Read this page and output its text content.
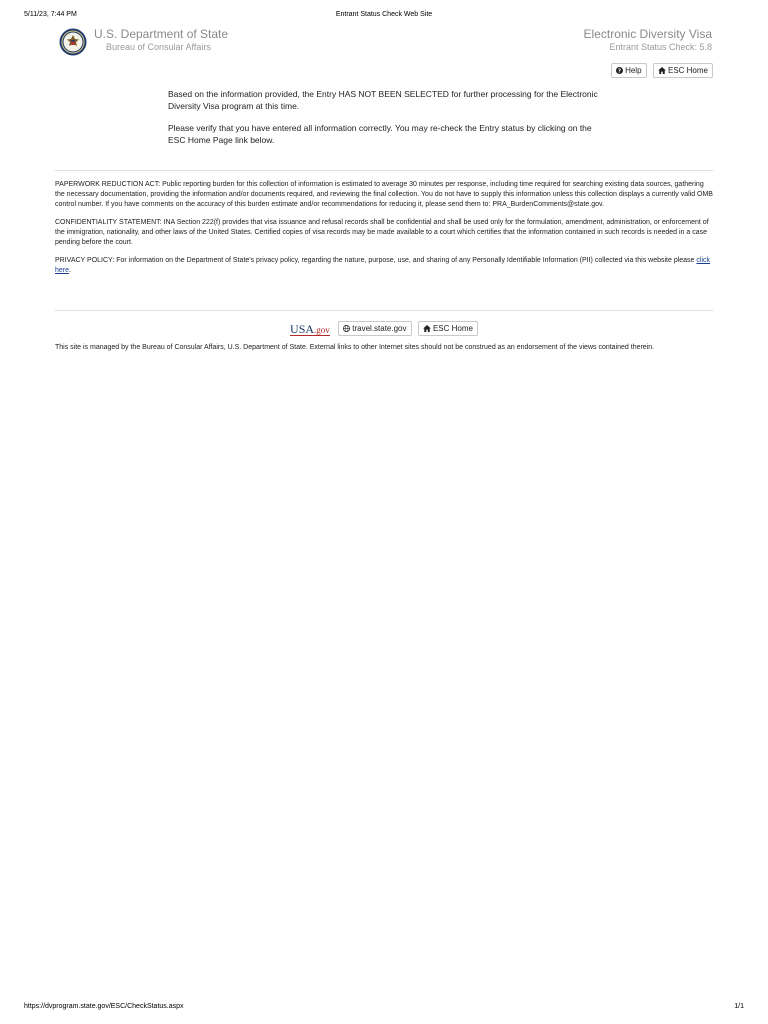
5/11/23, 7:44 PM	Entrant Status Check Web Site
U.S. Department of State
Bureau of Consular Affairs
Electronic Diversity Visa
Entrant Status Check: 5.8
? Help	ESC Home

Based on the information provided, the Entry HAS NOT BEEN SELECTED for further processing for the Electronic Diversity Visa program at this time.

Please verify that you have entered all information correctly. You may re-check the Entry status by clicking on the ESC Home Page link below.

PAPERWORK REDUCTION ACT: Public reporting burden for this collection of information is estimated to average 30 minutes per response, including time required for searching existing data sources, gathering the necessary documentation, providing the information and/or documents required, and reviewing the final collection. You do not have to supply this information unless this collection displays a currently valid OMB control number. If you have comments on the accuracy of this burden estimate and/or recommendations for reducing it, please send them to: PRA_BurdenComments@state.gov.

CONFIDENTIALITY STATEMENT: INA Section 222(f) provides that visa issuance and refusal records shall be confidential and shall be used only for the formulation, amendment, administration, or enforcement of the immigration, nationality, and other laws of the United States. Certified copies of visa records may be made available to a court which certifies that the information contained in such records is needed in a case pending before the court.

PRIVACY POLICY: For information on the Department of State's privacy policy, regarding the nature, purpose, use, and sharing of any Personally Identifiable Information (PII) collected via this website please click here.

USA.gov	travel.state.gov	ESC Home
This site is managed by the Bureau of Consular Affairs, U.S. Department of State. External links to other Internet sites should not be construed as an endorsement of the views contained therein.
https://dvprogram.state.gov/ESC/CheckStatus.aspx	1/1
